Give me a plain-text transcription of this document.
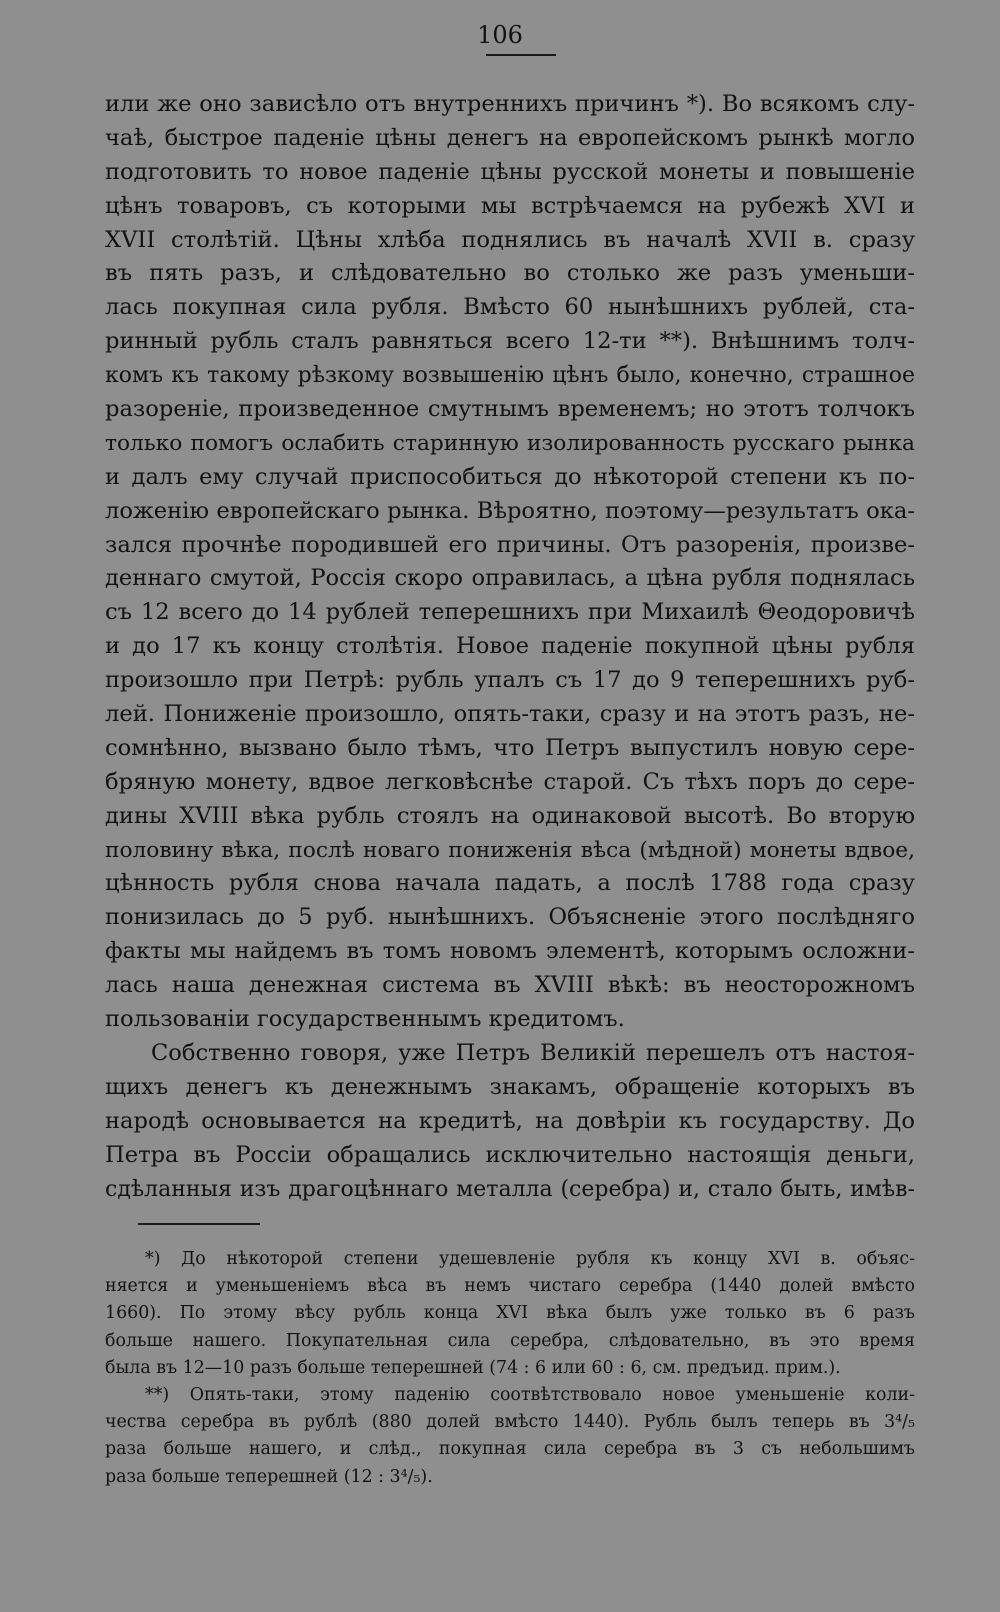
106
или же оно зависѣло отъ внутреннихъ причинъ *). Во всякомъ слу-
чаѣ, быстрое паденіе цѣны денегъ на европейскомъ рынкѣ могло
подготовить то новое паденіе цѣны русской монеты и повышеніе
цѣнъ товаровъ, съ которыми мы встрѣчаемся на рубежѣ XVI и
XVII столѣтій. Цѣны хлѣба поднялись въ началѣ XVII в. сразу
въ пять разъ, и слѣдовательно во столько же разъ уменьши-
лась покупная сила рубля. Вмѣсто 60 нынѣшнихъ рублей, ста-
ринный рубль сталъ равняться всего 12-ти **). Внѣшнимъ толч-
комъ къ такому рѣзкому возвышенію цѣнъ было, конечно, страшное
разореніе, произведенное смутнымъ временемъ; но этотъ толчокъ
только помогъ ослабить старинную изолированность русскаго рынка
и далъ ему случай приспособиться до нѣкоторой степени къ по-
ложенію европейскаго рынка. Вѣроятно, поэтому—результатъ ока-
зался прочнѣе породившей его причины. Отъ разоренія, произве-
деннаго смутой, Россія скоро оправилась, а цѣна рубля поднялась
съ 12 всего до 14 рублей теперешнихъ при Михаилѣ Θеодоровичѣ
и до 17 къ концу столѣтія. Новое паденіе покупной цѣны рубля
произошло при Петрѣ: рубль упалъ съ 17 до 9 теперешнихъ руб-
лей. Пониженіе произошло, опять-таки, сразу и на этотъ разъ, не-
сомнѣнно, вызвано было тѣмъ, что Петръ выпустилъ новую сере-
бряную монету, вдвое легковѣснѣе старой. Съ тѣхъ поръ до сере-
дины XVIII вѣка рубль стоялъ на одинаковой высотѣ. Во вторую
половину вѣка, послѣ новаго пониженія вѣса (мѣдной) монеты вдвое,
цѣнность рубля снова начала падать, а послѣ 1788 года сразу
понизилась до 5 руб. нынѣшнихъ. Объясненіе этого послѣдняго
факты мы найдемъ въ томъ новомъ элементѣ, которымъ осложни-
лась наша денежная система въ XVIII вѣкѣ: въ неосторожномъ
пользованіи государственнымъ кредитомъ.
Собственно говоря, уже Петръ Великій перешелъ отъ настоя-
щихъ денегъ къ денежнымъ знакамъ, обращеніе которыхъ въ
народѣ основывается на кредитѣ, на довѣріи къ государству. До
Петра въ Россіи обращались исключительно настоящія деньги,
сдѣланныя изъ драгоцѣннаго металла (серебра) и, стало быть, имѣв-
*) До нѣкоторой степени удешевленіе рубля къ концу XVI в. объяс-
няется и уменьшеніемъ вѣса въ немъ чистаго серебра (1440 долей вмѣсто
1660). По этому вѣсу рубль конца XVI вѣка былъ уже только въ 6 разъ
больше нашего. Покупательная сила серебра, слѣдовательно, въ это время
была въ 12—10 разъ больше теперешней (74 : 6 или 60 : 6, см. предъид. прим.).
**) Опять-таки, этому паденію соотвѣтствовало новое уменьшеніе коли-
чества серебра въ рублѣ (880 долей вмѣсто 1440). Рубль былъ теперь въ 3⁴/₅
раза больше нашего, и слѣд., покупная сила серебра въ 3 съ небольшимъ
раза больше теперешней (12 : 3⁴/₅).
